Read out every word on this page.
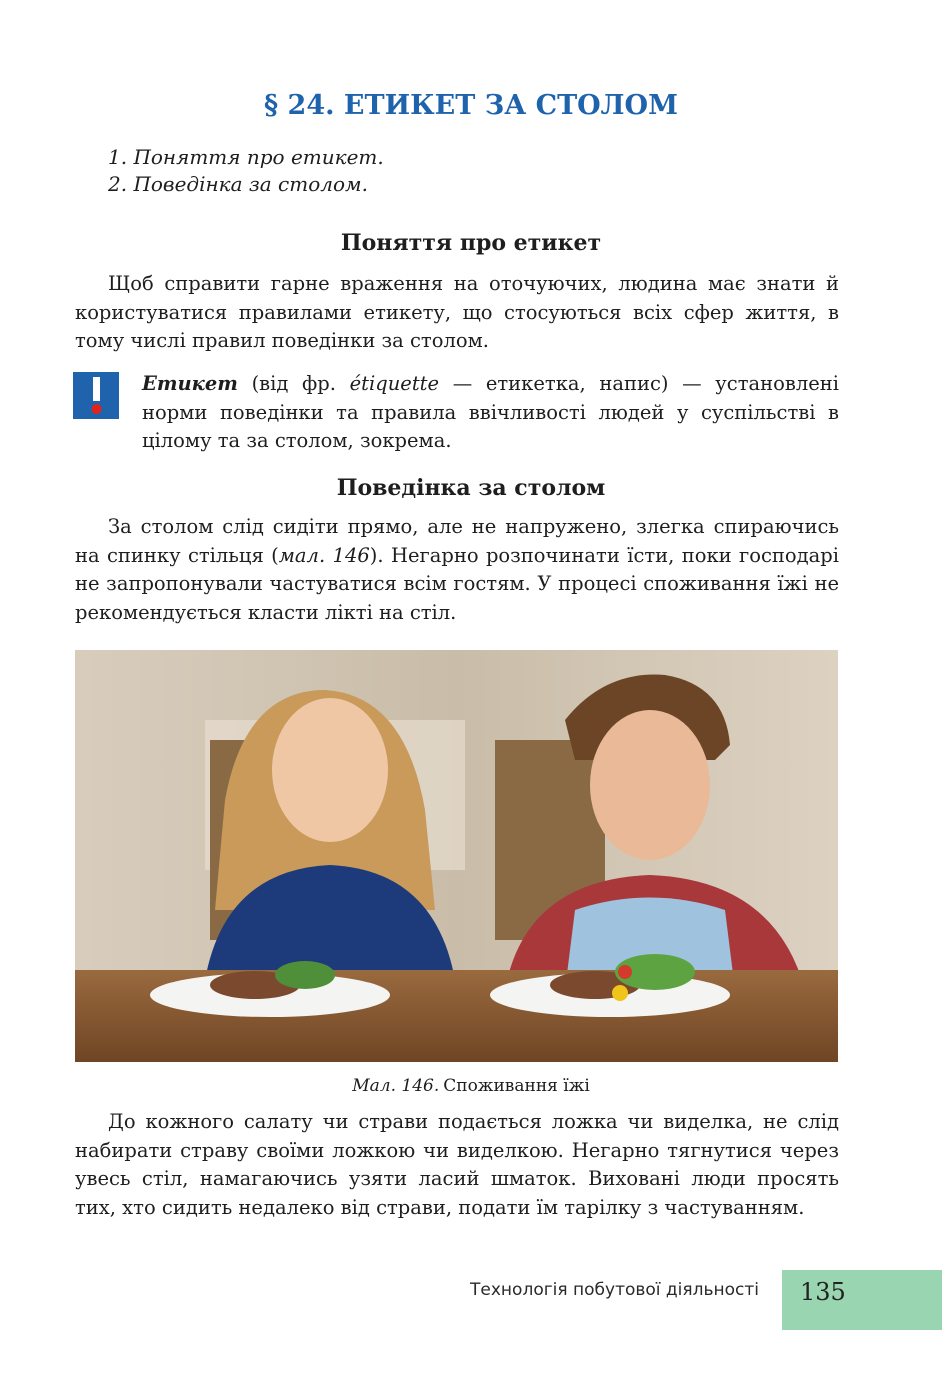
§ 24. ЕТИКЕТ ЗА СТОЛОМ
1. Поняття про етикет.
2. Поведінка за столом.
Поняття про етикет
Щоб справити гарне враження на оточуючих, людина має знати й користуватися правилами етикету, що стосуються всіх сфер життя, в тому числі правил поведінки за столом.
Етикет (від фр. étiquette — етикетка, напис) — установлені норми поведінки та правила ввічливості людей у суспільстві в цілому та за столом, зокрема.
Поведінка за столом
За столом слід сидіти прямо, але не напружено, злегка спираючись на спинку стільця (мал. 146). Негарно розпочинати їсти, поки господарі не запропонували частуватися всім гостям. У процесі споживання їжі не рекомендується класти лікті на стіл.
Мал. 146. Споживання їжі
До кожного салату чи страви подається ложка чи виделка, не слід набирати страву своїми ложкою чи виделкою. Негарно тягнутися через увесь стіл, намагаючись узяти ласий шматок. Виховані люди просять тих, хто сидить недалеко від страви, подати їм тарілку з частуванням.
Технологія побутової діяльності 135
